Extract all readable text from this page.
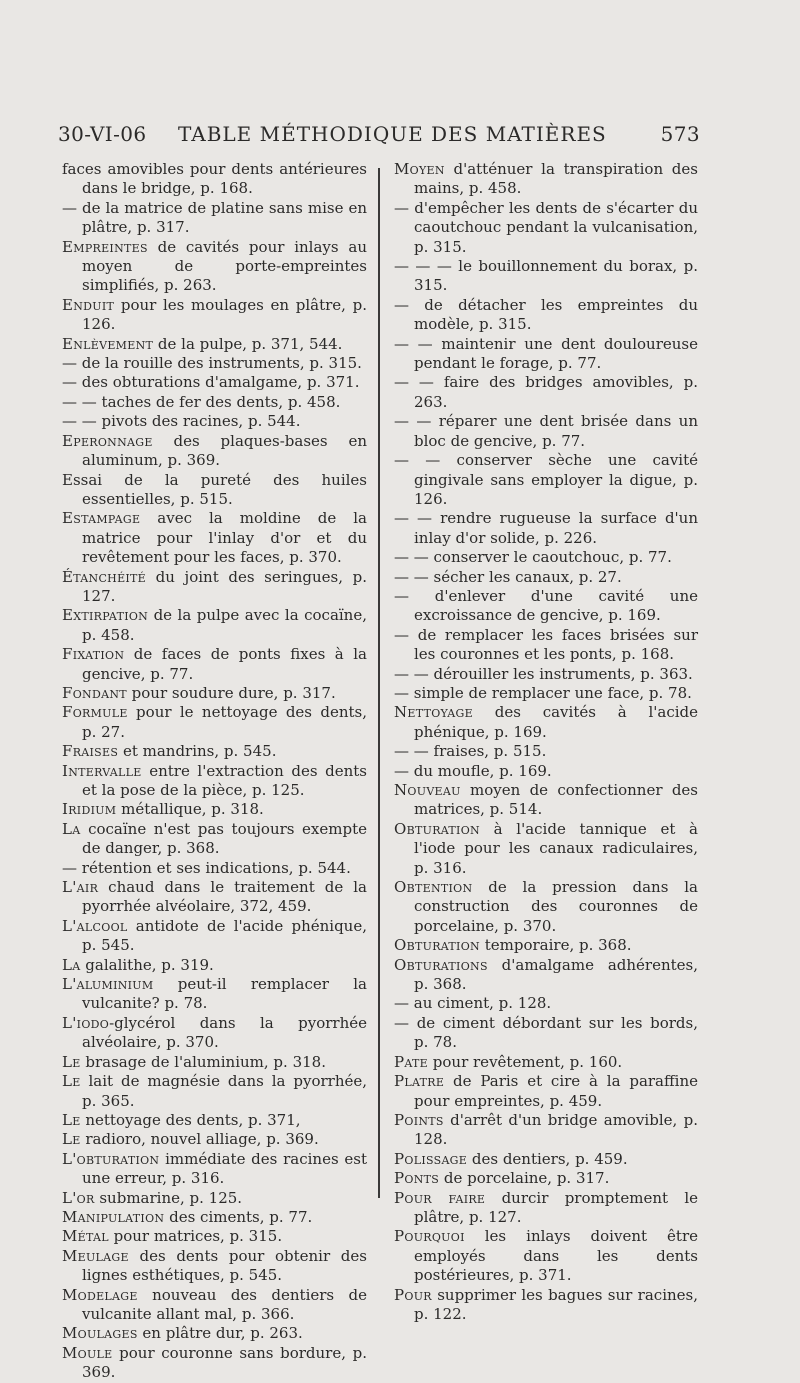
30-VI-06 TABLE MÉTHODIQUE DES MATIÈRES	573

faces amovibles pour dents antérieures dans le bridge, p. 168.

— de la matrice de platine sans mise en plâtre, p. 317.

Empreintes de cavités pour inlays au moyen de porte-empreintes simplifiés, p. 263.

Enduit pour les moulages en plâtre, p. 126.

Enlèvement de la pulpe, p. 371, 544.

— de la rouille des instruments, p. 315.

— des obturations d'amalgame, p. 371.

— — taches de fer des dents, p. 458.

— — pivots des racines, p. 544.

Eperonnage des plaques-bases en aluminum, p. 369.

Essai de la pureté des huiles essentielles, p. 515.

Estampage avec la moldine de la matrice pour l'inlay d'or et du revêtement pour les faces, p. 370.

Étanchéité du joint des seringues, p. 127.

Extirpation de la pulpe avec la cocaïne, p. 458.

Fixation de faces de ponts fixes à la gencive, p. 77.

Fondant pour soudure dure, p. 317.

Formule pour le nettoyage des dents, p. 27.

Fraises et mandrins, p. 545.

Intervalle entre l'extraction des dents et la pose de la pièce, p. 125.

Iridium métallique, p. 318.

La cocaïne n'est pas toujours exempte de danger, p. 368.

— rétention et ses indications, p. 544.

L'air chaud dans le traitement de la pyorrhée alvéolaire, 372, 459.

L'alcool antidote de l'acide phénique, p. 545.

La galalithe, p. 319.

L'aluminium peut-il remplacer la vulcanite? p. 78.

L'iodo-glycérol dans la pyorrhée alvéolaire, p. 370.

Le brasage de l'aluminium, p. 318.

Le lait de magnésie dans la pyorrhée, p. 365.

Le nettoyage des dents, p. 371,

Le radioro, nouvel alliage, p. 369.

L'obturation immédiate des racines est une erreur, p. 316.

L'or submarine, p. 125.

Manipulation des ciments, p. 77.

Métal pour matrices, p. 315.

Meulage des dents pour obtenir des lignes esthétiques, p. 545.

Modelage nouveau des dentiers de vulcanite allant mal, p. 366.

Moulages en plâtre dur, p. 263.

Moule pour couronne sans bordure, p. 369.

Moyen d'atténuer la transpiration des mains, p. 458.

— d'empêcher les dents de s'écarter du caoutchouc pendant la vulcanisation, p. 315.

— — — le bouillonnement du borax, p. 315.

— de détacher les empreintes du modèle, p. 315.

— — maintenir une dent douloureuse pendant le forage, p. 77.

— — faire des bridges amovibles, p. 263.

— — réparer une dent brisée dans un bloc de gencive, p. 77.

— — conserver sèche une cavité gingivale sans employer la digue, p. 126.

— — rendre rugueuse la surface d'un inlay d'or solide, p. 226.

— — conserver le caoutchouc, p. 77.

— — sécher les canaux, p. 27.

— d'enlever d'une cavité une excroissance de gencive, p. 169.

— de remplacer les faces brisées sur les couronnes et les ponts, p. 168.

— — dérouiller les instruments, p. 363.

— simple de remplacer une face, p. 78.

Nettoyage des cavités à l'acide phénique, p. 169.

— — fraises, p. 515.

— du moufle, p. 169.

Nouveau moyen de confectionner des matrices, p. 514.

Obturation à l'acide tannique et à l'iode pour les canaux radiculaires, p. 316.

Obtention de la pression dans la construction des couronnes de porcelaine, p. 370.

Obturation temporaire, p. 368.

Obturations d'amalgame adhérentes, p. 368.

— au ciment, p. 128.

— de ciment débordant sur les bords, p. 78.

Pate pour revêtement, p. 160.

Platre de Paris et cire à la paraffine pour empreintes, p. 459.

Points d'arrêt d'un bridge amovible, p. 128.

Polissage des dentiers, p. 459.

Ponts de porcelaine, p. 317.

Pour faire durcir promptement le plâtre, p. 127.

Pourquoi les inlays doivent être employés dans les dents postérieures, p. 371.

Pour supprimer les bagues sur racines, p. 122.
